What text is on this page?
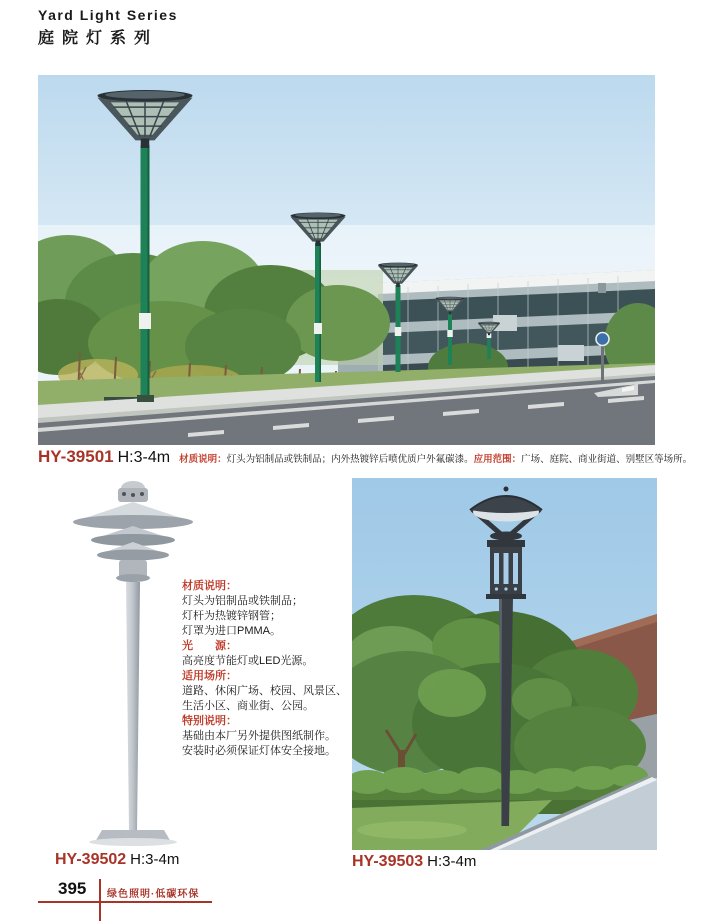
Yard Light Series
庭院灯系列
HY-39501 H:3-4m 材质说明：灯头为铝制品或铁制品；内外热镀锌后喷优质户外氟碳漆。应用范围：广场、庭院、商业街道、别墅区等场所。
材质说明：
灯头为铝制品或铁制品；
灯杆为热镀锌钢管；
灯罩为进口PMMA。
光　　源：
高亮度节能灯或LED光源。
适用场所：
道路、休闲广场、校园、风景区、
生活小区、商业街、公园。
特别说明：
基础由本厂另外提供图纸制作。
安装时必须保证灯体安全接地。
HY-39502 H:3-4m	HY-39503 H:3-4m
395 绿色照明·低碳环保
